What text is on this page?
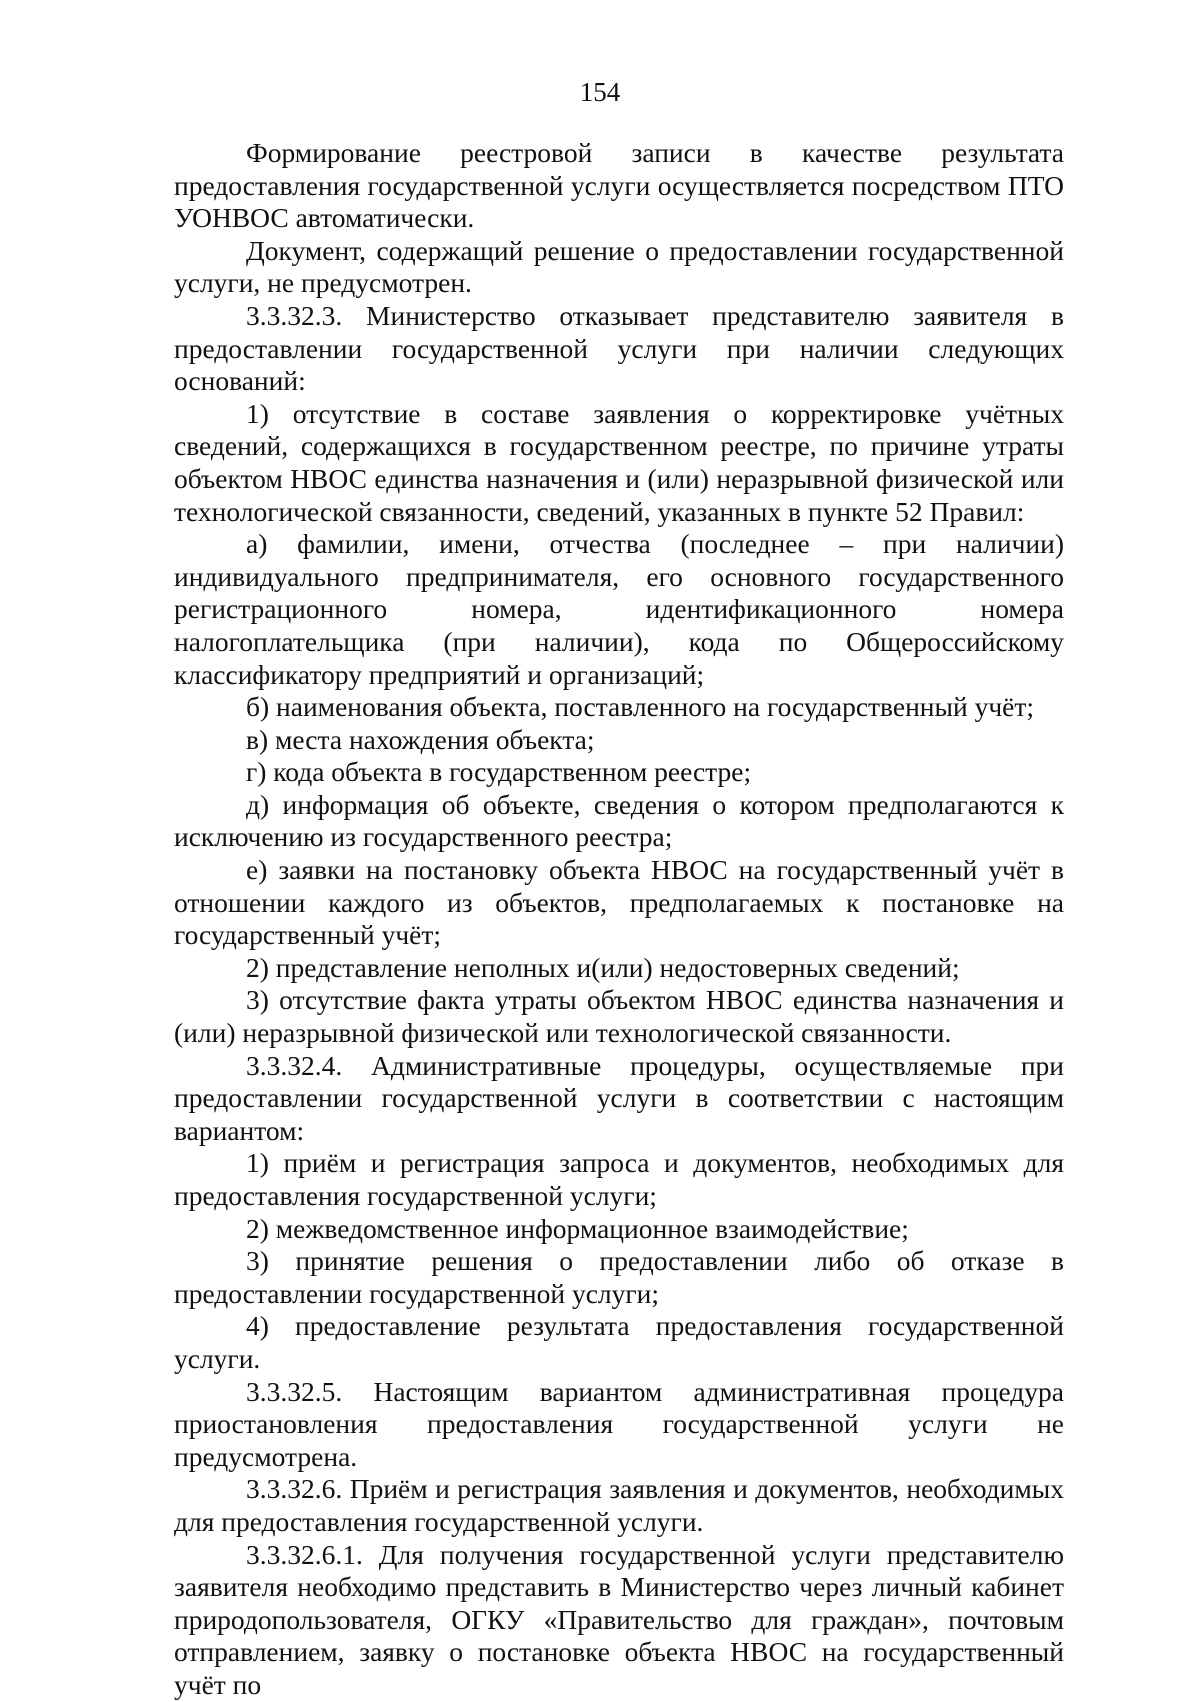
154

Формирование реестровой записи в качестве результата предоставления государственной услуги осуществляется посредством ПТО УОНВОС автоматически.

Документ, содержащий решение о предоставлении государственной услуги, не предусмотрен.

3.3.32.3. Министерство отказывает представителю заявителя в предоставлении государственной услуги при наличии следующих оснований:

1) отсутствие в составе заявления о корректировке учётных сведений, содержащихся в государственном реестре, по причине утраты объектом НВОС единства назначения и (или) неразрывной физической или технологической связанности, сведений, указанных в пункте 52 Правил:

а) фамилии, имени, отчества (последнее – при наличии) индивидуального предпринимателя, его основного государственного регистрационного номера, идентификационного номера налогоплательщика (при наличии), кода по Общероссийскому классификатору предприятий и организаций;

б) наименования объекта, поставленного на государственный учёт;

в) места нахождения объекта;

г) кода объекта в государственном реестре;

д) информация об объекте, сведения о котором предполагаются к исключению из государственного реестра;

е) заявки на постановку объекта НВОС на государственный учёт в отношении каждого из объектов, предполагаемых к постановке на государственный учёт;

2) представление неполных и(или) недостоверных сведений;

3) отсутствие факта утраты объектом НВОС единства назначения и (или) неразрывной физической или технологической связанности.

3.3.32.4. Административные процедуры, осуществляемые при предоставлении государственной услуги в соответствии с настоящим вариантом:

1) приём и регистрация запроса и документов, необходимых для предоставления государственной услуги;

2) межведомственное информационное взаимодействие;

3) принятие решения о предоставлении либо об отказе в предоставлении государственной услуги;

4) предоставление результата предоставления государственной услуги.

3.3.32.5. Настоящим вариантом административная процедура приостановления предоставления государственной услуги не предусмотрена.

3.3.32.6. Приём и регистрация заявления и документов, необходимых для предоставления государственной услуги.

3.3.32.6.1. Для получения государственной услуги представителю заявителя необходимо представить в Министерство через личный кабинет природопользователя, ОГКУ «Правительство для граждан», почтовым отправлением, заявку о постановке объекта НВОС на государственный учёт по
